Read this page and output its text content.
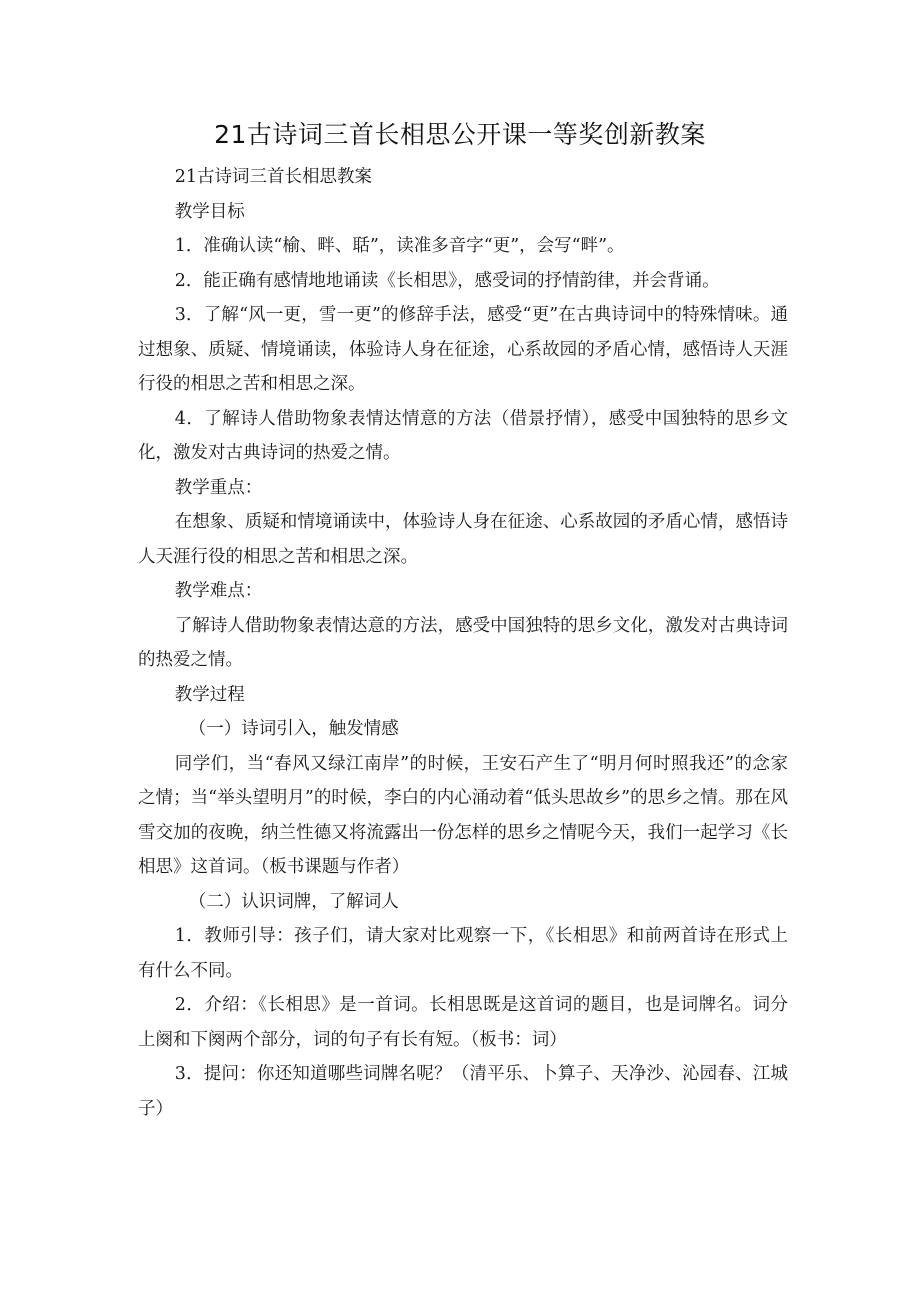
21古诗词三首长相思公开课一等奖创新教案

21古诗词三首长相思教案

教学目标

1．准确认读“榆、畔、聒”，读准多音字“更”，会写“畔”。

2．能正确有感情地地诵读《长相思》，感受词的抒情韵律，并会背诵。

3．了解“风一更，雪一更”的修辞手法，感受“更”在古典诗词中的特殊情味。通过想象、质疑、情境诵读，体验诗人身在征途，心系故园的矛盾心情，感悟诗人天涯行役的相思之苦和相思之深。

4．了解诗人借助物象表情达情意的方法（借景抒情），感受中国独特的思乡文化，激发对古典诗词的热爱之情。

教学重点：

在想象、质疑和情境诵读中，体验诗人身在征途、心系故园的矛盾心情，感悟诗人天涯行役的相思之苦和相思之深。

教学难点：

了解诗人借助物象表情达意的方法，感受中国独特的思乡文化，激发对古典诗词的热爱之情。

教学过程

（一）诗词引入，触发情感

同学们，当“春风又绿江南岸”的时候，王安石产生了“明月何时照我还”的念家之情；当“举头望明月”的时候，李白的内心涌动着“低头思故乡”的思乡之情。那在风雪交加的夜晚，纳兰性德又将流露出一份怎样的思乡之情呢今天，我们一起学习《长相思》这首词。（板书课题与作者）

（二）认识词牌，了解词人

1．教师引导：孩子们，请大家对比观察一下，《长相思》和前两首诗在形式上有什么不同。

2．介绍：《长相思》是一首词。长相思既是这首词的题目，也是词牌名。词分上阕和下阕两个部分，词的句子有长有短。（板书：词）

3．提问：你还知道哪些词牌名呢？（清平乐、卜算子、天净沙、沁园春、江城子）
